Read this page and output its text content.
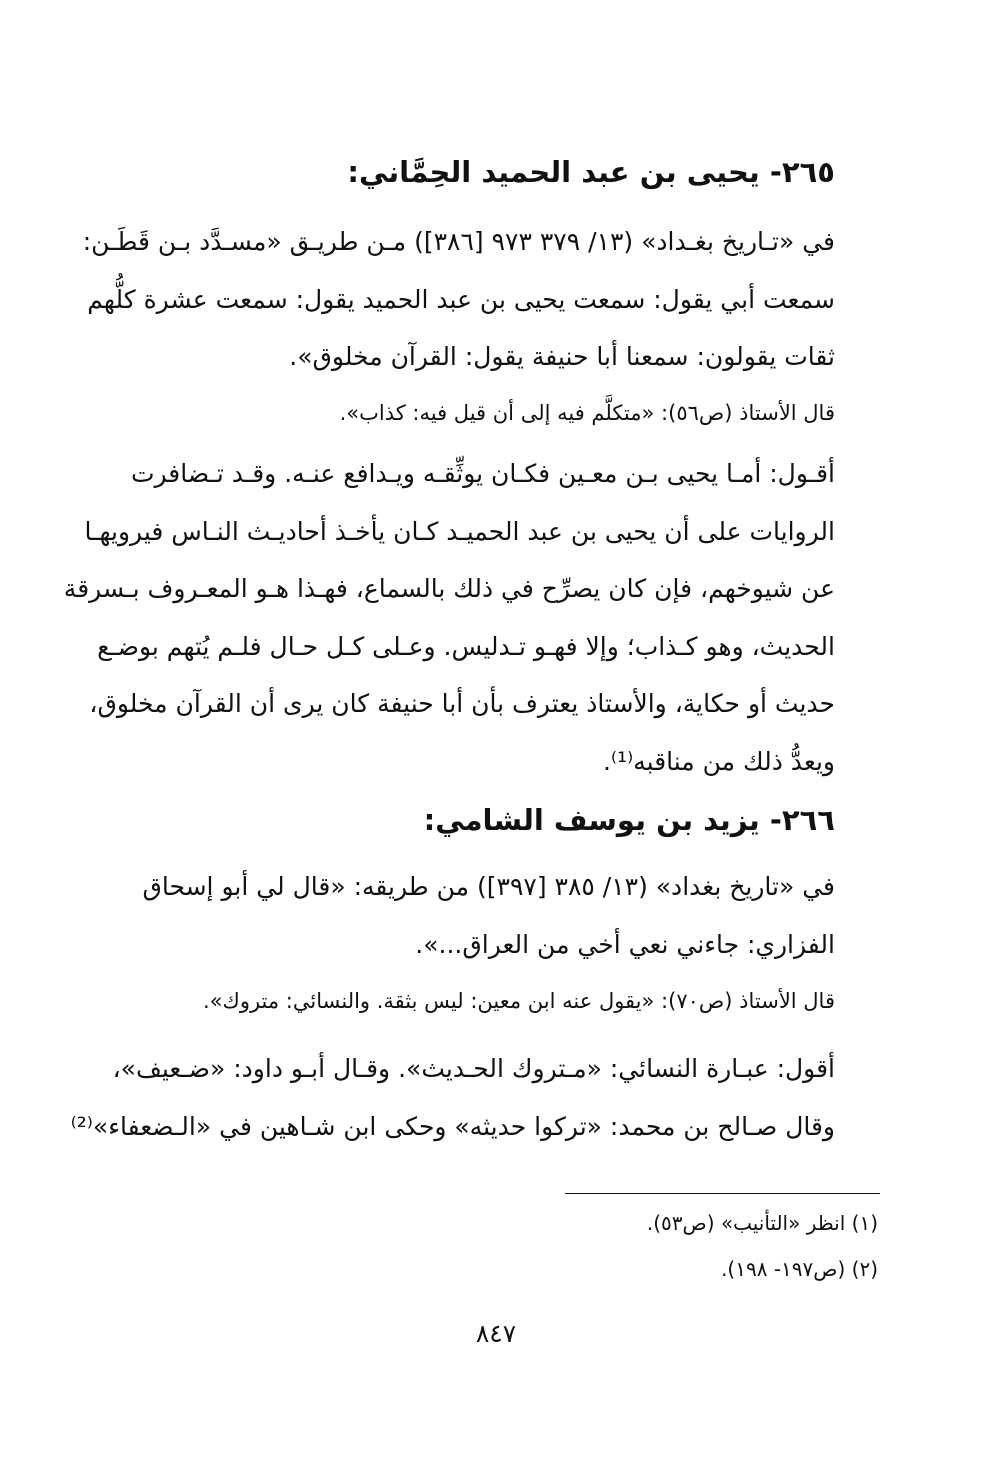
٢٦٥- يحيى بن عبد الحميد الحِمَّاني:
في «تـاريخ بغـداد» (١٣/ ٣٧٩ ٩٧٣ [٣٨٦]) مـن طريـق «مسـدَّد بـن قَطَـن:
سمعت أبي يقول: سمعت يحيى بن عبد الحميد يقول: سمعت عشرة كلُّهم
ثقات يقولون: سمعنا أبا حنيفة يقول: القرآن مخلوق».
قال الأستاذ (ص٥٦): «متكلَّم فيه إلى أن قيل فيه: كذاب».
أقـول: أمـا يحيى بـن معـين فكـان يوثِّقـه ويـدافع عنـه. وقـد تـضافرت
الروايات على أن يحيى بن عبد الحميـد كـان يأخـذ أحاديـث النـاس فيرويهـا
عن شيوخهم، فإن كان يصرِّح في ذلك بالسماع، فهـذا هـو المعـروف بـسرقة
الحديث، وهو كـذاب؛ وإلا فهـو تـدليس. وعـلى كـل حـال فلـم يُتهم بوضـع
حديث أو حكاية، والأستاذ يعترف بأن أبا حنيفة كان يرى أن القرآن مخلوق،
ويعدُّ ذلك من مناقبه⁽¹⁾.
٢٦٦- يزيد بن يوسف الشامي:
في «تاريخ بغداد» (١٣/ ٣٨٥ [٣٩٧]) من طريقه: «قال لي أبو إسحاق
الفزاري: جاءني نعي أخي من العراق...».
قال الأستاذ (ص٧٠): «يقول عنه ابن معين: ليس بثقة. والنسائي: متروك».
أقول: عبـارة النسائي: «مـتروك الحـديث». وقـال أبـو داود: «ضـعيف»،
وقال صـالح بن محمد: «تركوا حديثه» وحكى ابن شـاهين في «الـضعفاء»⁽²⁾
(١) انظر «التأنيب» (ص٥٣).
(٢) (ص١٩٧- ١٩٨).
٨٤٧
